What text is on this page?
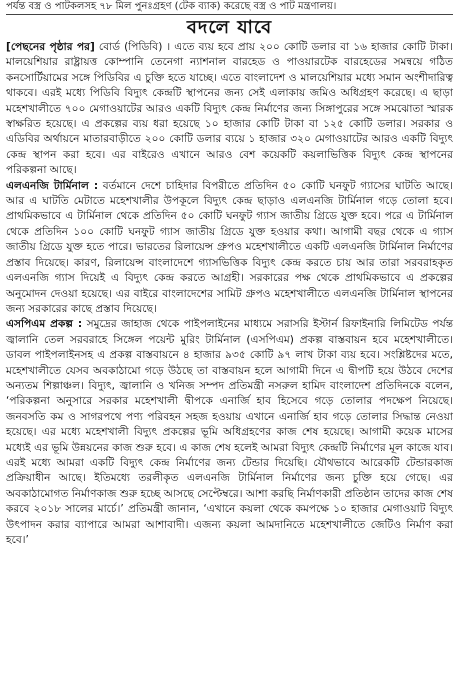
পর্যন্ত বস্ত্র ও পাটকলসহ ৭৮ মিল পুনঃগ্রহণ (টেক ব্যাক) করেছে বস্ত্র ও পাট মন্ত্রণালয়।
বদলে যাবে

[পেছনের পৃষ্ঠার পর] বোর্ড (পিডিবি) । এতে ব্যয় হবে প্রায় ২০০ কোটি ডলার বা ১৬ হাজার কোটি টাকা। মালয়েশিয়ার রাষ্ট্রায়ত্ত কোম্পানি তেনেগা ন্যাশনাল বারহেড ও পাওয়ারটেক বারহেডের সমন্বয়ে গঠিত কনসোর্টিয়ামের সঙ্গে পিডিবির এ চুক্তি হতে যাচ্ছে। এতে বাংলাদেশ ও মালয়েশিয়ার মধ্যে সমান অংশীদারিত্ব থাকবে। এরই মধ্যে পিডিবি বিদ্যুৎ কেন্দ্রটি স্থাপনের জন্য সেই এলাকায় জমিও অধিগ্রহণ করেছে। এ ছাড়া মহেশখালীতে ৭০০ মেগাওয়াটের আরও একটি বিদ্যুৎ কেন্দ্র নির্মাণের জন্য সিঙ্গাপুরের সঙ্গে সমঝোতা স্মারক স্বাক্ষরিত হয়েছে। এ প্রকল্পের ব্যয় ধরা হয়েছে ১০ হাজার কোটি টাকা বা ১২৫ কোটি ডলার। সরকার ও এডিবির অর্থায়নে মাতারবাড়ীতে ২০০ কোটি ডলার ব্যয়ে ১ হাজার ৩২০ মেগাওয়াটের আরও একটি বিদ্যুৎ কেন্দ্র স্থাপন করা হবে। এর বাইরেও এখানে আরও বেশ কয়েকটি কয়লাভিত্তিক বিদ্যুৎ কেন্দ্র স্থাপনের পরিকল্পনা আছে।

এলএনজি টার্মিনাল : বর্তমানে দেশে চাহিদার বিপরীতে প্রতিদিন ৫০ কোটি ঘনফুট গ্যাসের ঘাটতি আছে। আর এ ঘাটতি মেটাতে মহেশখালীর উপকূলে বিদ্যুৎ কেন্দ্র ছাড়াও এলএনজি টার্মিনাল গড়ে তোলা হবে। প্রাথমিকভাবে এ টার্মিনাল থেকে প্রতিদিন ৫০ কোটি ঘনফুট গ্যাস জাতীয় গ্রিডে যুক্ত হবে। পরে এ টার্মিনাল থেকে প্রতিদিন ১০০ কোটি ঘনফুট গ্যাস জাতীয় গ্রিডে যুক্ত হওয়ার কথা। আগামী বছর থেকে এ গ্যাস জাতীয় গ্রিডে যুক্ত হতে পারে। ভারতের রিলায়েন্স গ্রুপও মহেশখালীতে একটি এলএনজি টার্মিনাল নির্মাণের প্রস্তাব দিয়েছে। কারণ, রিলায়েন্স বাংলাদেশে গ্যাসভিত্তিক বিদ্যুৎ কেন্দ্র করতে চায় আর তারা সরবরাহকৃত এলএনজি গ্যাস দিয়েই এ বিদ্যুৎ কেন্দ্র করতে আগ্রহী। সরকারের পক্ষ থেকে প্রাথমিকভাবে এ প্রকল্পের অনুমোদন দেওয়া হয়েছে। এর বাইরে বাংলাদেশের সামিট গ্রুপও মহেশখালীতে এলএনজি টার্মিনাল স্থাপনের জন্য সরকারের কাছে প্রস্তাব দিয়েছে।

এসপিএম প্রকল্প : সমুদ্রের জাহাজ থেকে পাইপলাইনের মাধ্যমে সরাসরি ইস্টার্ন রিফাইনারি লিমিটেড পর্যন্ত জ্বালানি তেল সরবরাহে সিঙ্গেল পয়েন্ট মুরিং টার্মিনাল (এসপিএম) প্রকল্প বাস্তবায়ন হবে মহেশখালীতে। ডাবল পাইপলাইনসহ এ প্রকল্প বাস্তবায়নে ৪ হাজার ৯৩৫ কোটি ৯৭ লাখ টাকা ব্যয় হবে। সংশ্লিষ্টদের মতে, মহেশখালীতে যেসব অবকাঠামো গড়ে উঠছে তা বাস্তবায়ন হলে আগামী দিনে এ দ্বীপটি হয়ে উঠবে দেশের অন্যতম শিল্পাঞ্চল। বিদ্যুৎ, জ্বালানি ও খনিজ সম্পদ প্রতিমন্ত্রী নসরুল হামিদ বাংলাদেশ প্রতিদিনকে বলেন, ‘পরিকল্পনা অনুসারে সরকার মহেশখালী দ্বীপকে এনার্জি হাব হিসেবে গড়ে তোলার পদক্ষেপ নিয়েছে। জনবসতি কম ও সাগরপথে পণ্য পরিবহন সহজ হওয়ায় এখানে এনার্জি হাব গড়ে তোলার সিদ্ধান্ত নেওয়া হয়েছে। এর মধ্যে মহেশখালী বিদ্যুৎ প্রকল্পের ভূমি অধিগ্রহণের কাজ শেষ হয়েছে। আগামী কয়েক মাসের মধ্যেই এর ভূমি উন্নয়নের কাজ শুরু হবে। এ কাজ শেষ হলেই আমরা বিদ্যুৎ কেন্দ্রটি নির্মাণের মূল কাজে যাব। এরই মধ্যে আমরা একটি বিদ্যুৎ কেন্দ্র নির্মাণের জন্য টেন্ডার দিয়েছি। যৌথভাবে আরেকটি টেন্ডারকাজ প্রক্রিয়াধীন আছে। ইতিমধ্যে তরলীকৃত এলএনজি টার্মিনাল নির্মাণের জন্য চুক্তি হয়ে গেছে। এর অবকাঠামোগত নির্মাণকাজ শুরু হচ্ছে আসছে সেপ্টেম্বরে। আশা করছি নির্মাণকারী প্রতিষ্ঠান তাদের কাজ শেষ করবে ২০১৮ সালের মার্চে।’ প্রতিমন্ত্রী জানান, ‘এখানে কয়লা থেকে কমপক্ষে ১০ হাজার মেগাওয়াট বিদ্যুৎ উৎপাদন করার ব্যাপারে আমরা আশাবাদী। এজন্য কয়লা আমদানিতে মহেশখালীতে জেটিও নির্মাণ করা হবে।’
